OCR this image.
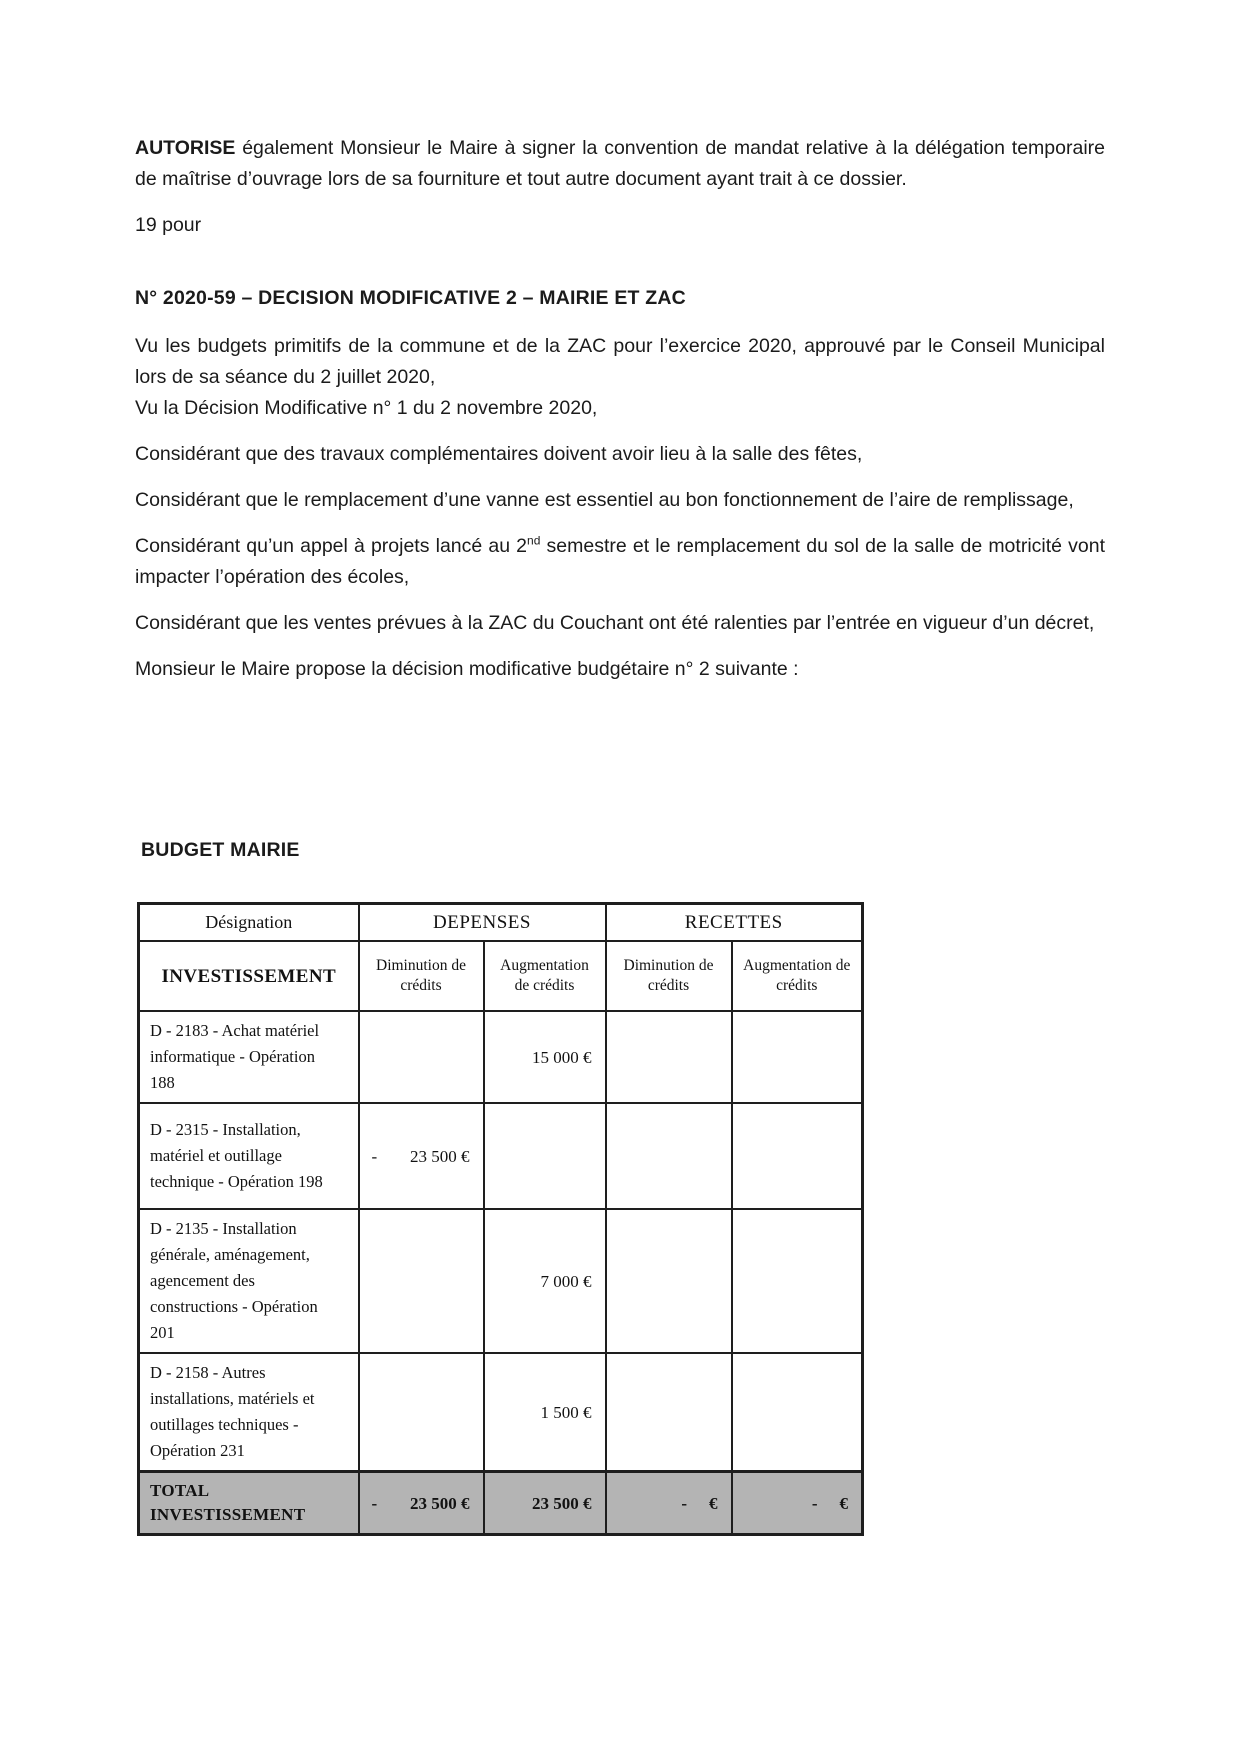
AUTORISE également Monsieur le Maire à signer la convention de mandat relative à la délégation temporaire de maîtrise d’ouvrage lors de sa fourniture et tout autre document ayant trait à ce dossier.

19 pour

N° 2020-59 – DECISION MODIFICATIVE 2 – MAIRIE ET ZAC

Vu les budgets primitifs de la commune et de la ZAC pour l’exercice 2020, approuvé par le Conseil Municipal lors de sa séance du 2 juillet 2020,

Vu la Décision Modificative n° 1 du 2 novembre 2020,

Considérant que des travaux complémentaires doivent avoir lieu à la salle des fêtes,

Considérant que le remplacement d’une vanne est essentiel au bon fonctionnement de l’aire de remplissage,

Considérant qu’un appel à projets lancé au 2nd semestre et le remplacement du sol de la salle de motricité vont impacter l’opération des écoles,

Considérant que les ventes prévues à la ZAC du Couchant ont été ralenties par l’entrée en vigueur d’un décret,

Monsieur le Maire propose la décision modificative budgétaire n° 2 suivante :

BUDGET MAIRIE
Désignation	DEPENSES		RECETTES	
INVESTISSEMENT	Diminution de crédits	Augmentation de crédits	Diminution de crédits	Augmentation de crédits
D - 2183 - Achat matériel informatique - Opération 188		15 000 €		

D - 2315 - Installation, matériel et outillage technique - Opération 198	- 23 500 €			

D - 2135 - Installation générale, aménagement, agencement des constructions - Opération 201		7 000 €		

D - 2158 - Autres installations, matériels et outillages techniques - Opération 231		1 500 €		

TOTAL INVESTISSEMENT	- 23 500 €	23 500 €	- €	- €
